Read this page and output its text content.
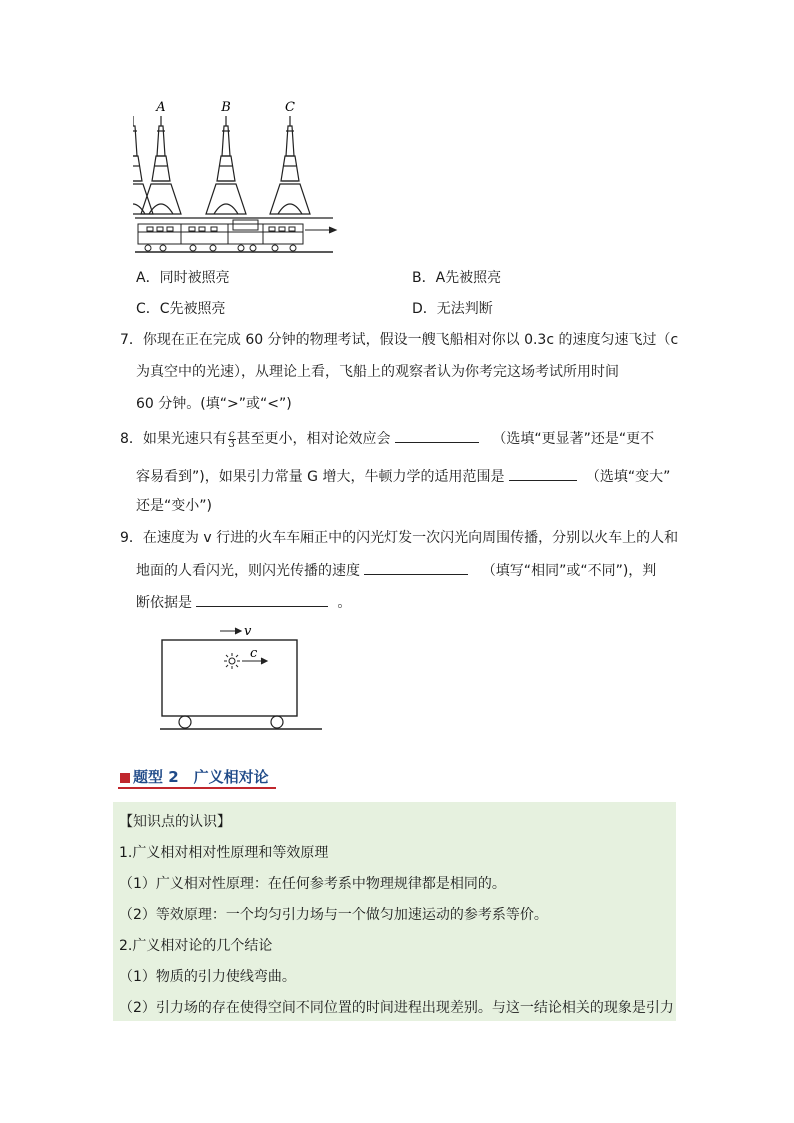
A	B	C
A．同时被照亮	B．A先被照亮
C．C先被照亮	D．无法判断
7．你现在正在完成 60 分钟的物理考试，假设一艘飞船相对你以 0.3c 的速度匀速飞过（c
为真空中的光速），从理论上看，飞船上的观察者认为你考完这场考试所用时间
60 分钟。(填“>”或“<”)
8．如果光速只有 $\frac{c}{3}$ 甚至更小，相对论效应会	（选填“更显著”还是“更不
容易看到”)，如果引力常量 G 增大，牛顿力学的适用范围是	（选填“变大”
还是“变小”)
9．在速度为 v 行进的火车车厢正中的闪光灯发一次闪光向周围传播，分别以火车上的人和
地面的人看闪光，则闪光传播的速度	（填写“相同”或“不同”)，判
断依据是	。
v
c
题型 2　广义相对论
【知识点的认识】
1.广义相对相对性原理和等效原理
（1）广义相对性原理：在任何参考系中物理规律都是相同的。
（2）等效原理：一个均匀引力场与一个做匀加速运动的参考系等价。
2.广义相对论的几个结论
（1）物质的引力使线弯曲。
（2）引力场的存在使得空间不同位置的时间进程出现差别。与这一结论相关的现象是引力
